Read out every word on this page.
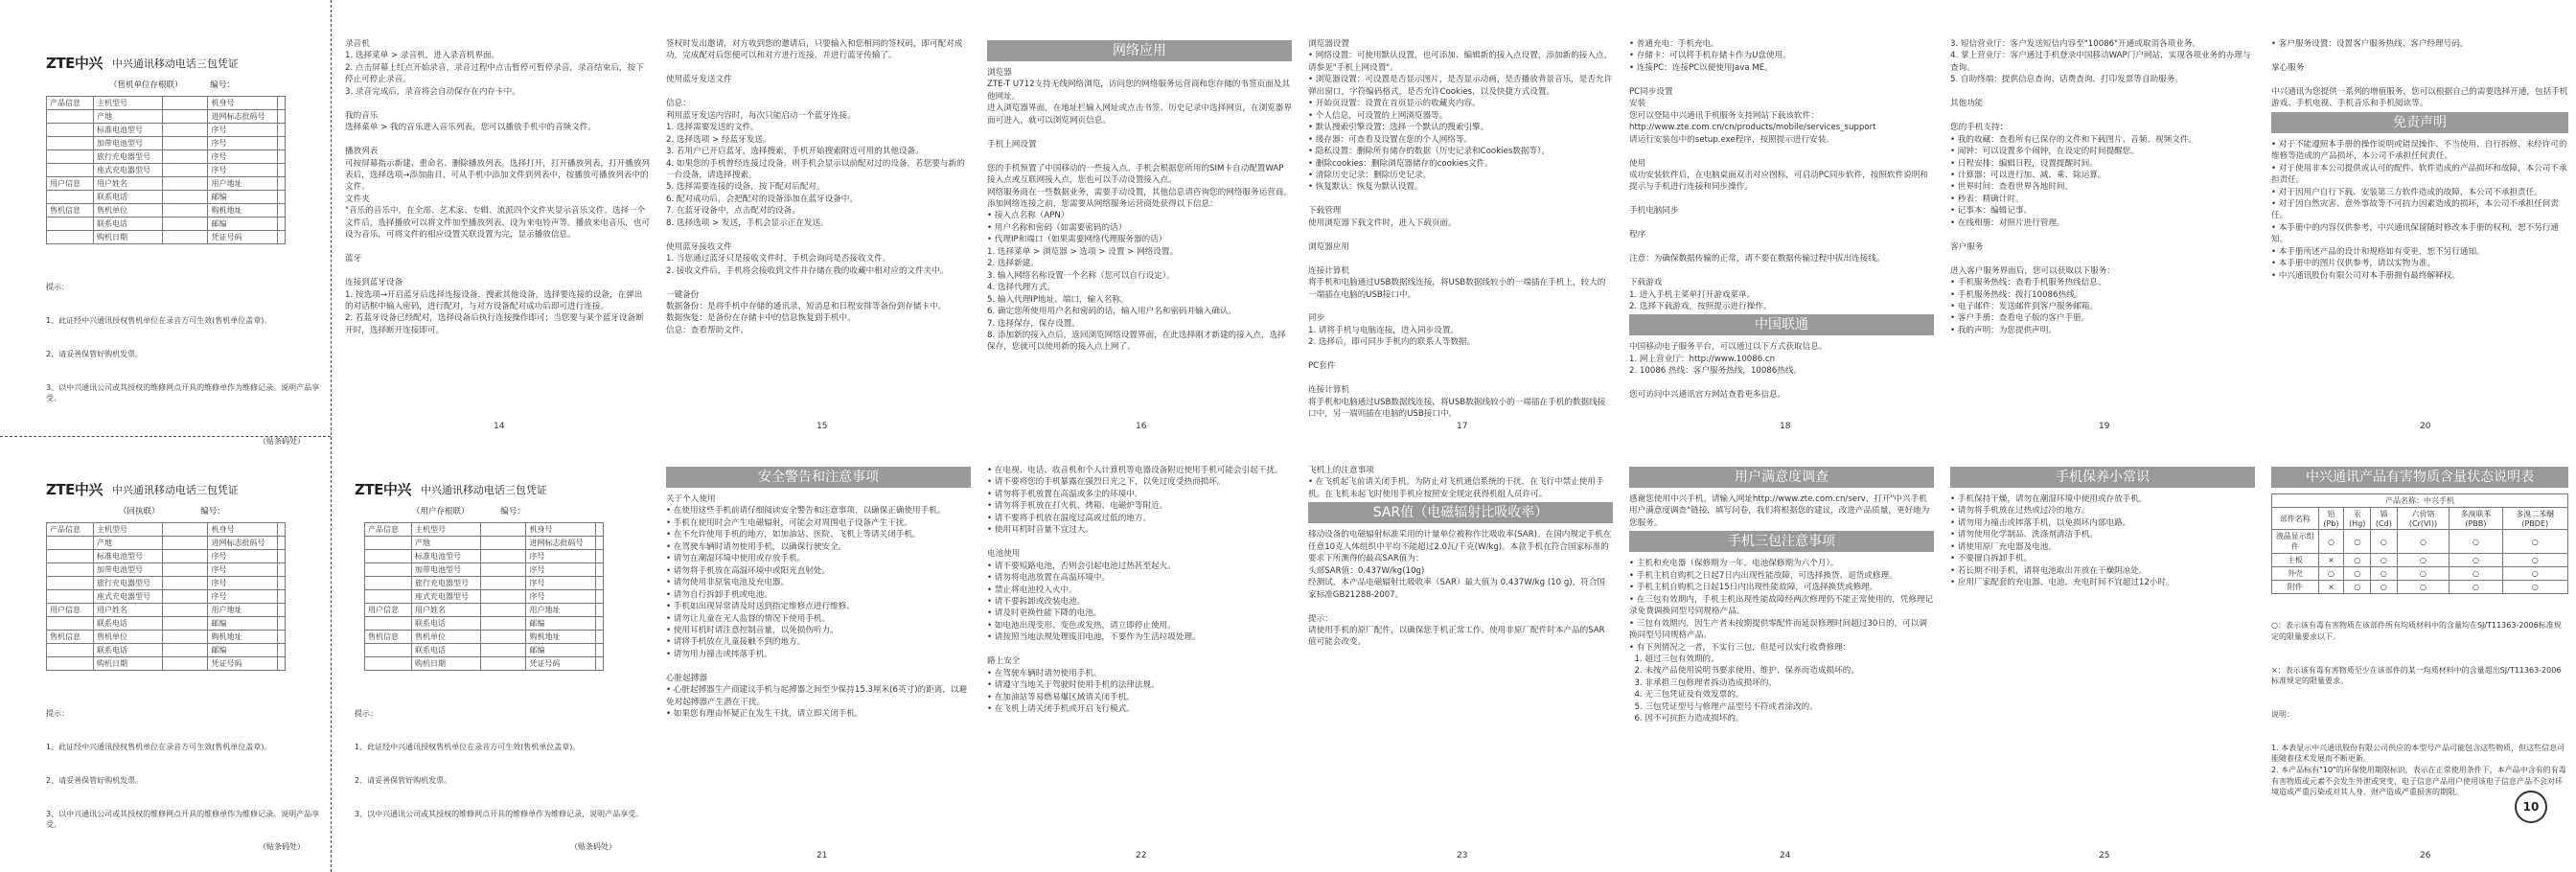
ZTE中兴 中兴通讯移动电话三包凭证
（售机单位存根联）	编号：
产品信息	主机型号		机身号	
	产地		进网标志批码号	
	标准电池型号		序号	
	加带电池型号		序号	
	旅行充电器型号		序号	
	座式充电器型号		序号	
用户信息	用户姓名		用户地址	
	联系电话		邮编	
售机信息	售机单位		购机地址	
	联系电话		邮编	
	购机日期		凭证号码	

提示：

1、此证经中兴通讯授权售机单位在录音方可生效(售机单位盖章)。

2、请妥善保管好购机发票。

3、以中兴通讯公司或其授权的维修网点开具的维修单作为维修记录。说明产品享受。

（贴条码处）
ZTE中兴 中兴通讯移动电话三包凭证
（回执联）	编号：
产品信息	主机型号		机身号	
	产地		进网标志批码号	
	标准电池型号		序号	
	加带电池型号		序号	
	旅行充电器型号		序号	
	座式充电器型号		序号	
用户信息	用户姓名		用户地址	
	联系电话		邮编	
售机信息	售机单位		购机地址	
	联系电话		邮编	
	购机日期		凭证号码	

提示：

1、此证经中兴通讯授权售机单位在录音方可生效(售机单位盖章)。

2、请妥善保管好购机发票。

3、以中兴通讯公司或其授权的维修网点开具的维修单作为维修记录。说明产品享受。

（贴条码处）
录音机
1. 选择菜单 > 录音机，进入录音机界面。
2. 点击屏幕上红点开始录音，录音过程中点击暂停可暂停录音，录音结束后，按下停止可停止录音。
3. 录音完成后，录音将会自动保存在内存卡中。

我的音乐
选择菜单 > 我的音乐进入音乐列表，您可以播放手机中的音频文件。

播放列表
可按屏幕指示新建、重命名、删除播放列表。选择打开，打开播放列表，打开播放列表后，选择选项→添加曲目，可从手机中添加文件到列表中，按播放可播放列表中的文件。
文件夹
"音乐的音乐中，在全部、艺术家、专辑、流派四个文件夹显示音乐文件。选择一个文件后，选择播放可以将文件加至播放列表、设为来电铃声等。播放来电音乐，也可设为音乐，可将文件的相应设置关联设置为完，显示播放信息。

蓝牙

连接到蓝牙设备
1. 按选项→开启蓝牙后选择连接设备，搜索其他设备，选择要连接的设备，在弹出的对话框中输入密码，进行配对，与对方设备配对成功后即可进行连接。
2. 若蓝牙设备已经配对，选择设备后执行连接操作即可；当您要与某个蓝牙设备断开时，选择断开连接即可。

14
签权时发出邀请，对方收到您的邀请后，只要输入和您相同的签权码，即可配对成功，完成配对后您便可以和对方进行连接，并进行蓝牙传输了。

使用蓝牙发送文件

信息：
利用蓝牙发送内容时，每次只能启动一个蓝牙连接。
1. 选择需要发送的文件。
2. 选择选项 > 经蓝牙发送。
3. 若用户已开启蓝牙，选择搜索，手机开始搜索附近可用的其他设备。
4. 如果您的手机曾经连接过设备，则手机会显示以前配对过的设备，若您要与新的一台设备，请选择搜索。
5. 选择需要连接的设备，按下配对后配对。
6. 配对成功后，会把配对的设备添加在蓝牙设备中。
7. 在蓝牙设备中，点击配对的设备。
8. 选择选项 > 发送，手机会显示正在发送。

使用蓝牙接收文件
1. 当您通过蓝牙只是接收文件时，手机会询问是否接收文件。
2. 接收文件后，手机将会接收到文件并存储在我的收藏中相对应的文件夹中。

一键备份
数据备份：是将手机中存储的通讯录、短消息和日程安排等备份到存储卡中。
数据恢复：是备份在存储卡中的信息恢复到手机中。
信息：查看帮助文件。
15
网络应用
浏览器
ZTE-T U712支持无线网络浏览，访问您的网络服务运营商和您存储的书签页面及其他网址。
进入浏览器界面，在地址栏输入网址或点击书签、历史记录中选择网页，在浏览器界面可进入，就可以浏览网页信息。

手机上网设置

您的手机预置了中国移动的一些接入点。手机会根据您所用的SIM卡自动配置WAP接入点或互联网接入点，您也可以手动设置接入点。
网络服务商在一些数据业务，需要手动设置，其他信息请咨询您的网络服务运营商。
添加网络连接之前，您需要从网络服务运营商处获得以下信息：
• 接入点名称（APN）
• 用户名称和密码（如需要密码的话）
• 代理IP和端口（如果需要网络代理服务器的话）
1. 选择菜单 > 浏览器 > 选项 > 设置 > 网络设置。
2. 选择新建。
3. 输入网络名称设置一个名称（您可以自行设定）。
4. 选择代理方式。
5. 输入代理IP地址、端口，输入名称。
6. 确定您所使用用户名和密码的话，输入用户名和密码并输入确认。
7. 选择保存，保存设置。
8. 添加新的接入点后，返回浏览网络设置界面，在此选择刚才新建的接入点，选择保存，您就可以使用新的接入点上网了。
16
浏览器设置
• 网络设置：可使用默认设置，也可添加、编辑新的接入点设置，添加新的接入点，请参见"手机上网设置"。
• 浏览器设置：可设置是否显示图片，是否显示动画，是否播放背景音乐，是否允许弹出窗口，字符编码格式，是否允许Cookies，以及快捷方式设置。
• 开始页设置：设置在首页显示的收藏夹内容。
• 个人信息，可设置的上网浏览器等。
• 默认搜索引擎设置：选择一个默认的搜索引擎。
• 缓存器：可查看及设置在您的个人网络等。
• 隐私设置：删除所有储存的数据（历史记录和Cookies数据等）。
• 删除cookies：删除浏览器储存的cookies文件。
• 清除历史记录：删除历史记录。
• 恢复默认：恢复为默认设置。

下载管理
使用浏览器下载文件时，进入下载页面。

浏览器应用

连接计算机
将手机和电脑通过USB数据线连接，将USB数据线较小的一端插在手机上，较大的一端插在电脑的USB接口中。

同步
1. 请将手机与电脑连接，进入同步设置。
2. 选择后，即可同步手机内的联系人等数据。

PC套件

连接计算机
将手机和电脑通过USB数据线连接，将USB数据线较小的一端插在手机的数据线接口中，另一端则插在电脑的USB接口中。
17
• 普通充电：手机充电。
• 存储卡：可以将手机存储卡作为U盘使用。
• 连接PC：连接PC以便使用Java ME。

PC同步设置
安装
您可以登陆中兴通讯手机服务支持网站下载该软件：
http://www.zte.com.cn/cn/products/mobile/services_support
请运行安装包中的setup.exe程序，按照提示进行安装。

使用
成功安装软件后，在电脑桌面双击对应图标，可启动PC同步软件，按照软件说明和提示与手机进行连接和同步操作。

手机电脑同步

程序

注意：为确保数据传输的正常，请不要在数据传输过程中拔出连接线。

下载游戏
1. 进入手机主菜单打开游戏菜单。
2. 选择下载游戏，按照提示进行操作。
中国联通
中国移动电子服务平台，可以通过以下方式获取信息。
1. 网上营业厅：http://www.10086.cn
2. 10086 热线：客户服务热线，10086热线。

您可访问中兴通讯官方网站查看更多信息。
18
3. 短信营业厅：客户发送短信内容至"10086"开通或取消各项业务。
4. 掌上营业厅：客户通过手机登录中国移动WAP门户网站，实现各项业务的办理与查询。
5. 自助终端：提供信息查询、话费查询、打印发票等自助服务。

其他功能

您的手机支持：
• 我的收藏：查看所有已保存的文件和下载图片、音频、视频文件。
• 闹钟：可以设置多个闹钟，在设定的时间提醒您。
• 日程安排：编辑日程，设置提醒时间。
• 计算器：可以进行加、减、乘、除运算。
• 世界时间：查看世界各地时间。
• 秒表：精确计时。
• 记事本：编辑记事。
• 在线相册：对照片进行管理。

客户服务

进入客户服务界面后，您可以获取以下服务：
• 手机服务热线：查看手机服务热线信息。
• 手机服务热线：拨打10086热线。
• 电子邮件：发送邮件到客户服务邮箱。
• 客户手册：查看电子版的客户手册。
• 我的声明：为您提供声明。
19
• 客户服务设置：设置客户服务热线、客户经理号码。

掌心服务

中兴通讯为您提供一系列的增值服务，您可以根据自己的需要选择开通，包括手机游戏、手机电视、手机音乐和手机阅读等。
免责声明
• 对于不能遵照本手册的操作说明或错误操作、不当使用、自行拆修、未经许可的维修等造成的产品损坏，本公司不承担任何责任。
• 对于使用非本公司提供或认可的配件、软件造成的产品损坏和故障，本公司不承担责任。
• 对于因用户自行下载、安装第三方软件造成的故障，本公司不承担责任。
• 对于因自然灾害、意外事故等不可抗力因素造成的损坏，本公司不承担任何责任。
• 本手册中的内容仅供参考，中兴通讯保留随时修改本手册的权利，恕不另行通知。
• 本手册所述产品的设计和规格如有变更，恕不另行通知。
• 本手册中的图片仅供参考，请以实物为准。
• 中兴通讯股份有限公司对本手册拥有最终解释权。
20
ZTE中兴 中兴通讯移动电话三包凭证
（用户存根联）	编号：
产品信息	主机型号		机身号	
	产地		进网标志批码号	
	标准电池型号		序号	
	加带电池型号		序号	
	旅行充电器型号		序号	
	座式充电器型号		序号	
用户信息	用户姓名		用户地址	
	联系电话		邮编	
售机信息	售机单位		购机地址	
	联系电话		邮编	
	购机日期		凭证号码	

提示：

1、此证经中兴通讯授权售机单位在录音方可生效(售机单位盖章)。

2、请妥善保管好购机发票。

3、以中兴通讯公司或其授权的维修网点开具的维修单作为维修记录，说明产品享受。

（贴条码处）
安全警告和注意事项
关于个人使用
• 在使用这些手机前请仔细阅读安全警告和注意事项，以确保正确使用手机。
• 手机在使用时会产生电磁辐射，可能会对周围电子设备产生干扰。
• 在不允许使用手机的地方，如加油站、医院、飞机上等请关闭手机。
• 在驾驶车辆时请勿使用手机，以确保行驶安全。
• 请勿在潮湿环境中使用或存放手机。
• 请勿将手机放在高温环境中或阳光直射处。
• 请勿使用非原装电池及充电器。
• 请勿自行拆卸手机或电池。
• 手机如出现异常请及时送到指定维修点进行维修。
• 请勿让儿童在无人监督的情况下使用手机。
• 使用耳机时请注意控制音量，以免损伤听力。
• 请将手机放在儿童接触不到的地方。
• 请勿用力撞击或摔落手机。

心脏起搏器
• 心脏起搏器生产商建议手机与起搏器之间至少保持15.3厘米(6英寸)的距离，以避免对起搏器产生潜在干扰。
• 如果您有理由怀疑正在发生干扰，请立即关闭手机。
21
• 在电视、电话、收音机和个人计算机等电器设备附近使用手机可能会引起干扰。
• 请不要将您的手机暴露在强烈日光之下，以免过度受热而损坏。
• 请勿将手机放置在高温或多尘的环境中。
• 请勿将手机放在打火机、烤箱、电磁炉等附近。
• 请不要将手机放在温度过高或过低的地方。
• 使用耳机时音量不宜过大。

电池使用
• 请不要短路电池，否则会引起电池过热甚至起火。
• 请勿将电池放置在高温环境中。
• 禁止将电池投入火中。
• 请不要拆卸或改装电池。
• 请及时更换性能下降的电池。
• 如电池出现变形、变色或发热，请立即停止使用。
• 请按照当地法规处理废旧电池，不要作为生活垃圾处理。

路上安全
• 在驾驶车辆时请勿使用手机。
• 请遵守当地关于驾驶时使用手机的法律法规。
• 在加油站等易燃易爆区域请关闭手机。
• 在飞机上请关闭手机或开启飞行模式。
22
飞机上的注意事项
• 在飞机起飞前请关闭手机。为防止对飞机通信系统的干扰，在飞行中禁止使用手机。在飞机未起飞时使用手机应按照安全规定获得机组人员许可。
SAR值（电磁辐射比吸收率）
移动设备的电磁辐射标准采用的计量单位被称作比吸收率(SAR)。在国内规定手机在任意10克人体组织中平均不能超过2.0瓦/千克(W/kg)。本款手机在符合国家标准的要求下所测得的最高SAR值为：
头部SAR值：0.437W/kg(10g)
经测试，本产品电磁辐射比吸收率（SAR）最大值为 0.437W/kg (10 g)，符合国家标准GB21288-2007。

提示：
请使用手机的原厂配件，以确保您手机正常工作。使用非原厂配件时本产品的SAR值可能会改变。
23
用户满意度调查
感谢您使用中兴手机。请输入网址http://www.zte.com.cn/serv，打开"中兴手机用户满意度调查"链接，填写问卷，我们将根据您的建议，改进产品质量，更好地为您服务。
手机三包注意事项
• 主机和充电器（保修期为一年，电池保修期为六个月）。
• 手机主机自购机之日起7日内出现性能故障，可选择换货、退货或修理。
• 手机主机自购机之日起15日内出现性能故障，可选择换货或修理。
• 在三包有效期内，手机主机出现性能故障经两次修理仍不能正常使用的，凭修理记录免费调换同型号同规格产品。
• 三包有效期内，因生产者未按期提供零配件而延误修理时间超过30日的，可以调换同型号同规格产品。
• 有下列情况之一者，不实行三包，但是可以实行收费修理：
1. 超过三包有效期的。
2. 未按产品使用说明书要求使用、维护、保养而造成损坏的。
3. 非承担三包修理者拆动造成损坏的。
4. 无三包凭证及有效发票的。
5. 三包凭证型号与修理产品型号不符或者涂改的。
6. 因不可抗拒力造成损坏的。
24
手机保养小常识
• 手机保持干燥，请勿在潮湿环境中使用或存放手机。
• 请勿将手机放在过热或过冷的地方。
• 请勿用力撞击或摔落手机，以免损坏内部电路。
• 请勿使用化学制品、洗涤剂清洁手机。
• 请使用原厂充电器及电池。
• 不要擅自拆卸手机。
• 若长期不用手机，请将电池取出并放在干燥阴凉处。
• 应用厂家配套的充电器、电池，充电时间不宜超过12小时。
25
中兴通讯产品有害物质含量状态说明表
产品名称：中兴手机						
部件名称	铅(Pb)	汞(Hg)	镉(Cd)	六价铬(Cr(VI))	多溴联苯(PBB)	多溴二苯醚(PBDE)
液晶显示组件	○	○	○	○	○	○
主板	×	○	○	○	○	○
外壳	○	○	○	○	○	○
附件	×	○	○	○	○	○

○：表示该有毒有害物质在该部件所有均质材料中的含量均在SJ/T11363-2006标准规定的限量要求以下。

×：表示该有毒有害物质至少在该部件的某一均质材料中的含量超出SJ/T11363-2006标准规定的限量要求。

说明：

1. 本表显示中兴通讯股份有限公司供应的本型号产品可能包含这些物质，但这些信息可能随着技术发展而不断更新。
2. 本产品标有"10"的环保使用期限标识，表示在正常使用条件下，本产品中含有的有毒有害物质或元素不会发生外泄或突变，电子信息产品用户使用该电子信息产品不会对环境造成严重污染或对其人身、财产造成严重损害的期限。

10
26
